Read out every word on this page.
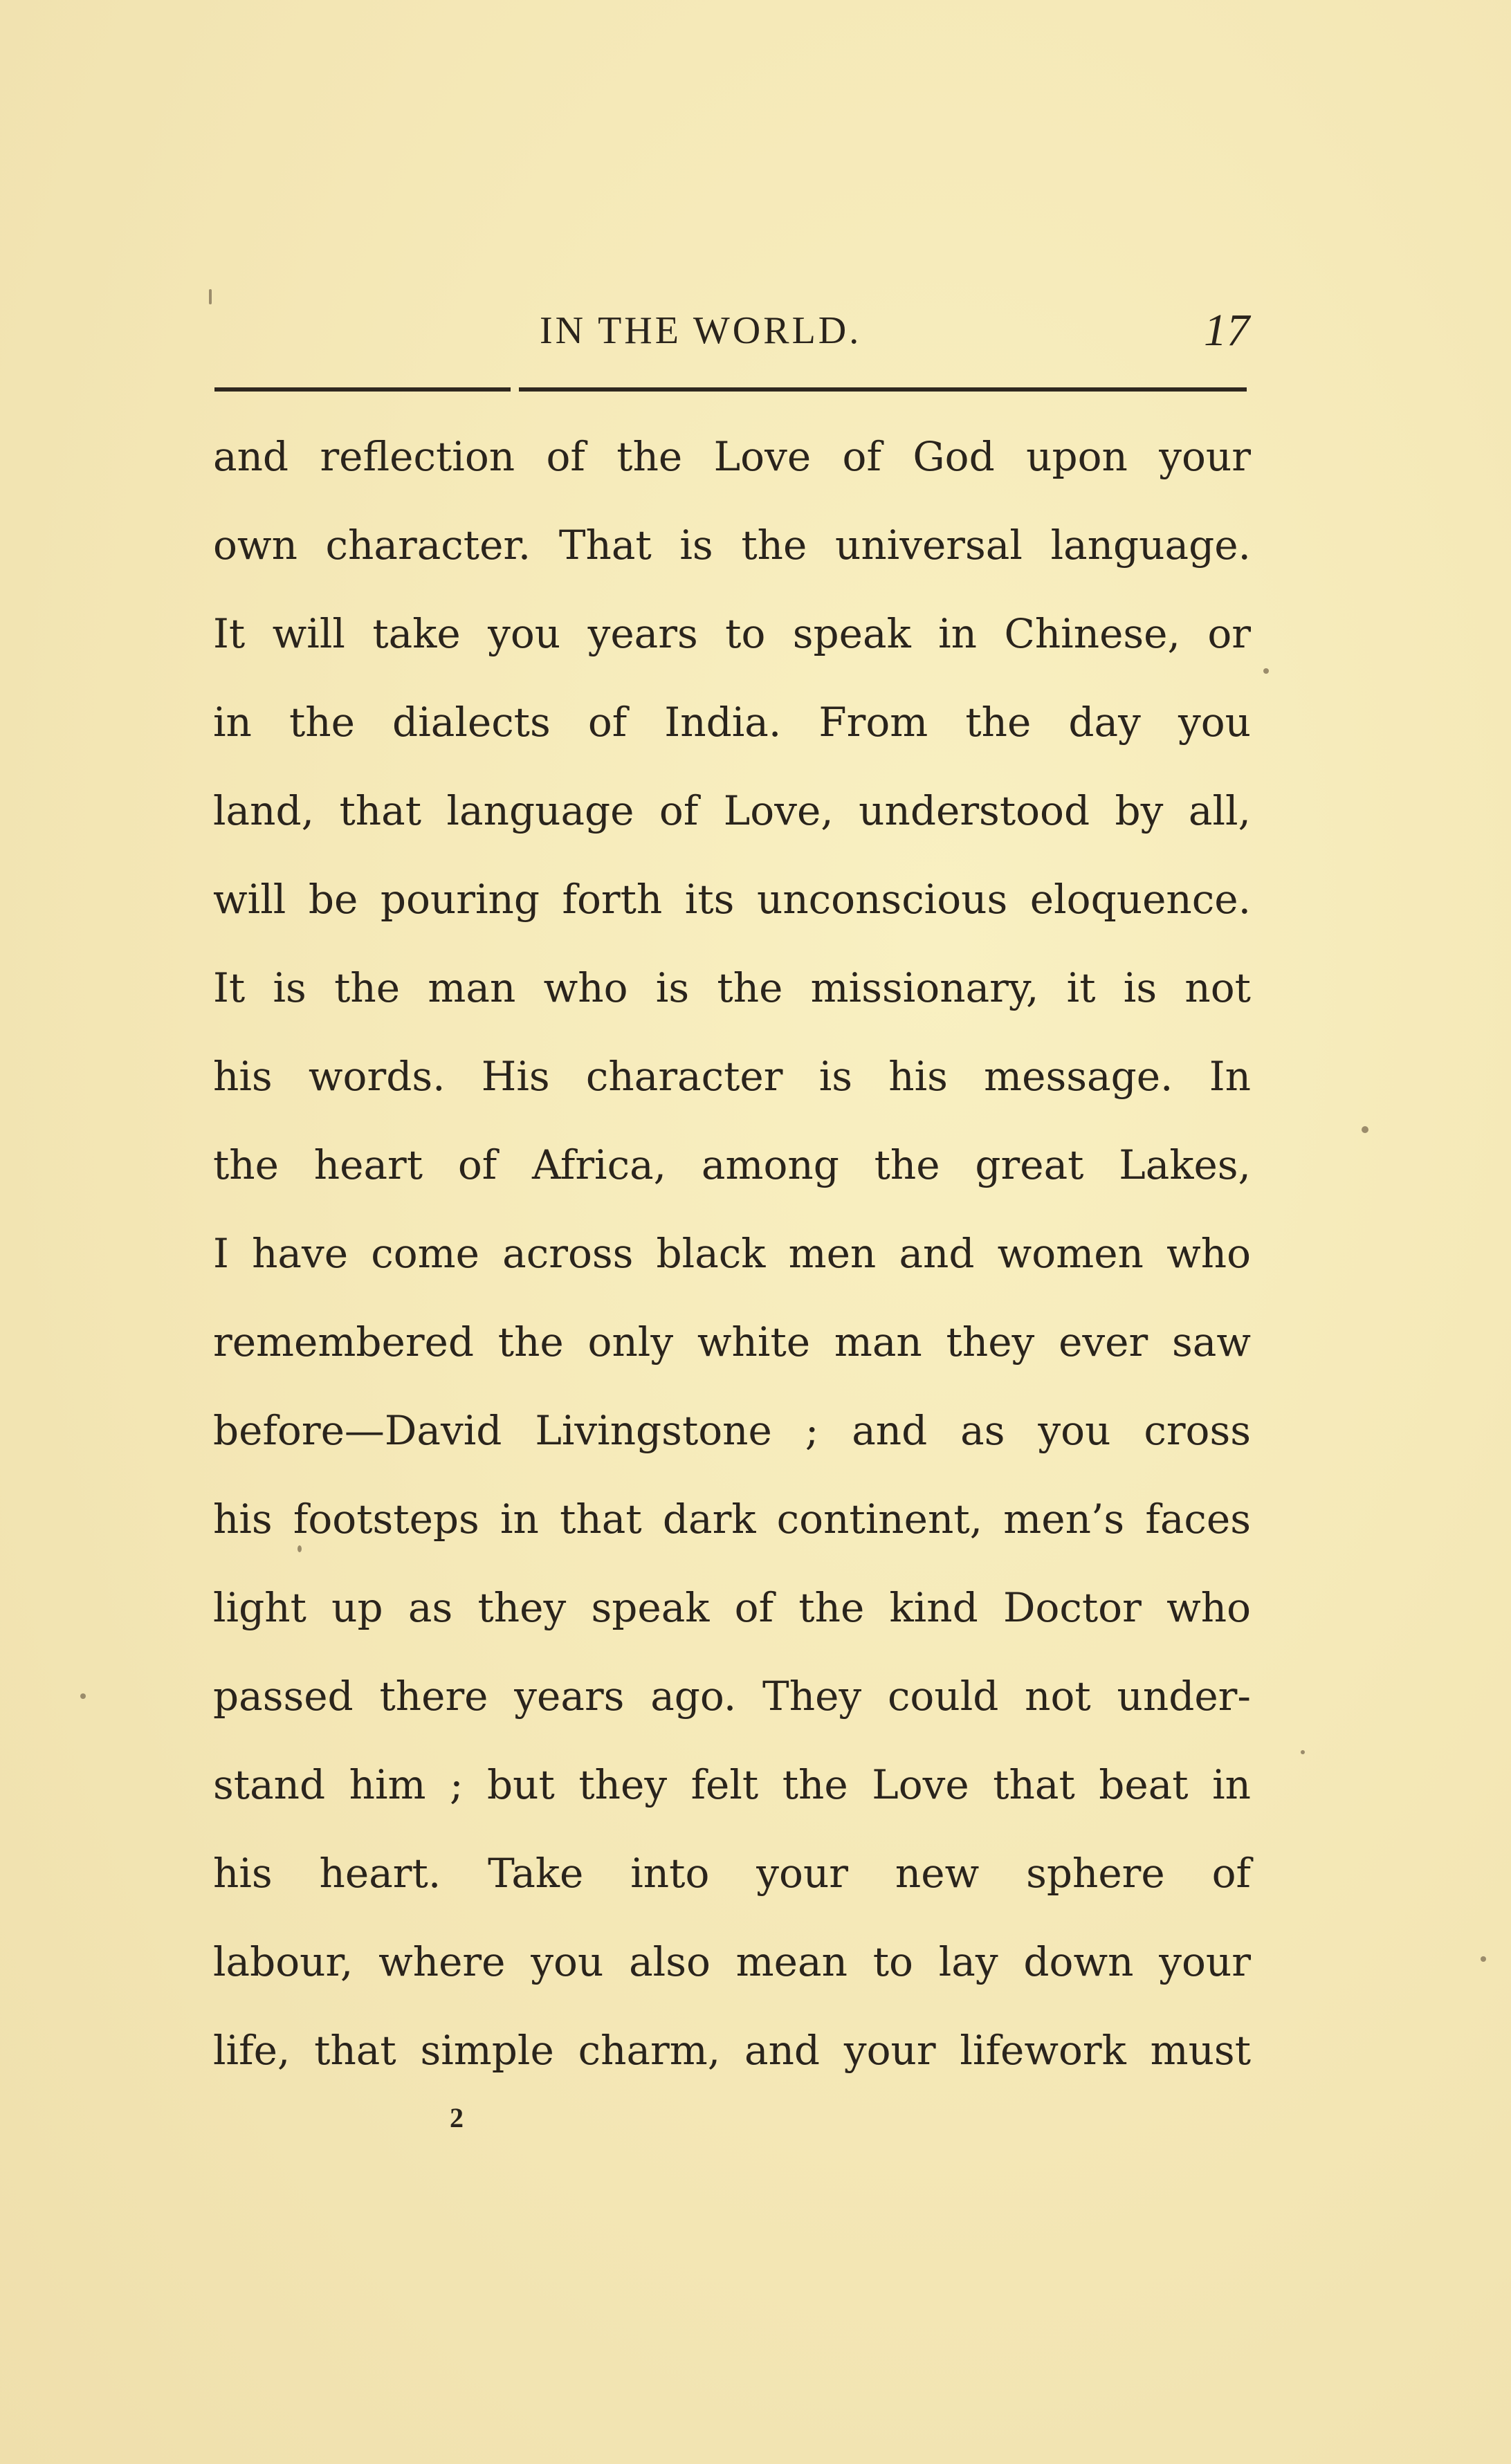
IN THE WORLD.	17
and reflection of the Love of God upon your
own character. That is the universal language.
It will take you years to speak in Chinese, or
in the dialects of India. From the day you
land, that language of Love, understood by all,
will be pouring forth its unconscious eloquence.
It is the man who is the missionary, it is not
his words. His character is his message. In
the heart of Africa, among the great Lakes,
I have come across black men and women who
remembered the only white man they ever saw
before—David Livingstone ; and as you cross
his footsteps in that dark continent, men’s faces
light up as they speak of the kind Doctor who
passed there years ago. They could not under-
stand him ; but they felt the Love that beat in
his heart. Take into your new sphere of
labour, where you also mean to lay down your
life, that simple charm, and your lifework must
2
